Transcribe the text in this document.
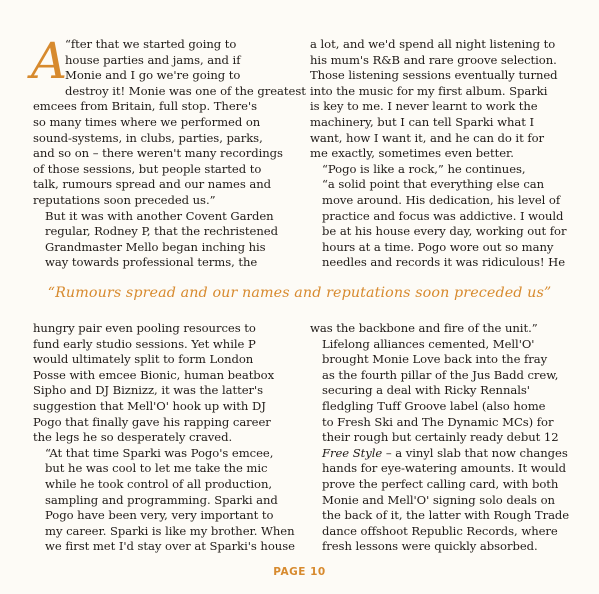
A
“fter that we started going to
house parties and jams, and if
Monie and I go we're going to
destroy it! Monie was one of the greatest
emcees from Britain, full stop. There's
so many times where we performed on
sound-systems, in clubs, parties, parks,
and so on – there weren't many recordings
of those sessions, but people started to
talk, rumours spread and our names and
reputations soon preceded us.”

But it was with another Covent Garden
regular, Rodney P, that the rechristened
Grandmaster Mello began inching his
way towards professional terms, the

a lot, and we'd spend all night listening to
his mum's R&B and rare groove selection.
Those listening sessions eventually turned
into the music for my first album. Sparki
is key to me. I never learnt to work the
machinery, but I can tell Sparki what I
want, how I want it, and he can do it for
me exactly, sometimes even better.

“Pogo is like a rock,” he continues,
“a solid point that everything else can
move around. His dedication, his level of
practice and focus was addictive. I would
be at his house every day, working out for
hours at a time. Pogo wore out so many
needles and records it was ridiculous! He

“Rumours spread and our names and reputations soon preceded us”

hungry pair even pooling resources to
fund early studio sessions. Yet while P
would ultimately split to form London
Posse with emcee Bionic, human beatbox
Sipho and DJ Biznizz, it was the latter's
suggestion that Mell'O' hook up with DJ
Pogo that finally gave his rapping career
the legs he so desperately craved.

“At that time Sparki was Pogo's emcee,
but he was cool to let me take the mic
while he took control of all production,
sampling and programming. Sparki and
Pogo have been very, very important to
my career. Sparki is like my brother. When
we first met I'd stay over at Sparki's house

was the backbone and fire of the unit.”

Lifelong alliances cemented, Mell'O'
brought Monie Love back into the fray
as the fourth pillar of the Jus Badd crew,
securing a deal with Ricky Rennals'
fledgling Tuff Groove label (also home
to Fresh Ski and The Dynamic MCs) for
their rough but certainly ready debut 12
Free Style – a vinyl slab that now changes
hands for eye-watering amounts. It would
prove the perfect calling card, with both
Monie and Mell'O' signing solo deals on
the back of it, the latter with Rough Trade
dance offshoot Republic Records, where
fresh lessons were quickly absorbed.

PAGE 10
